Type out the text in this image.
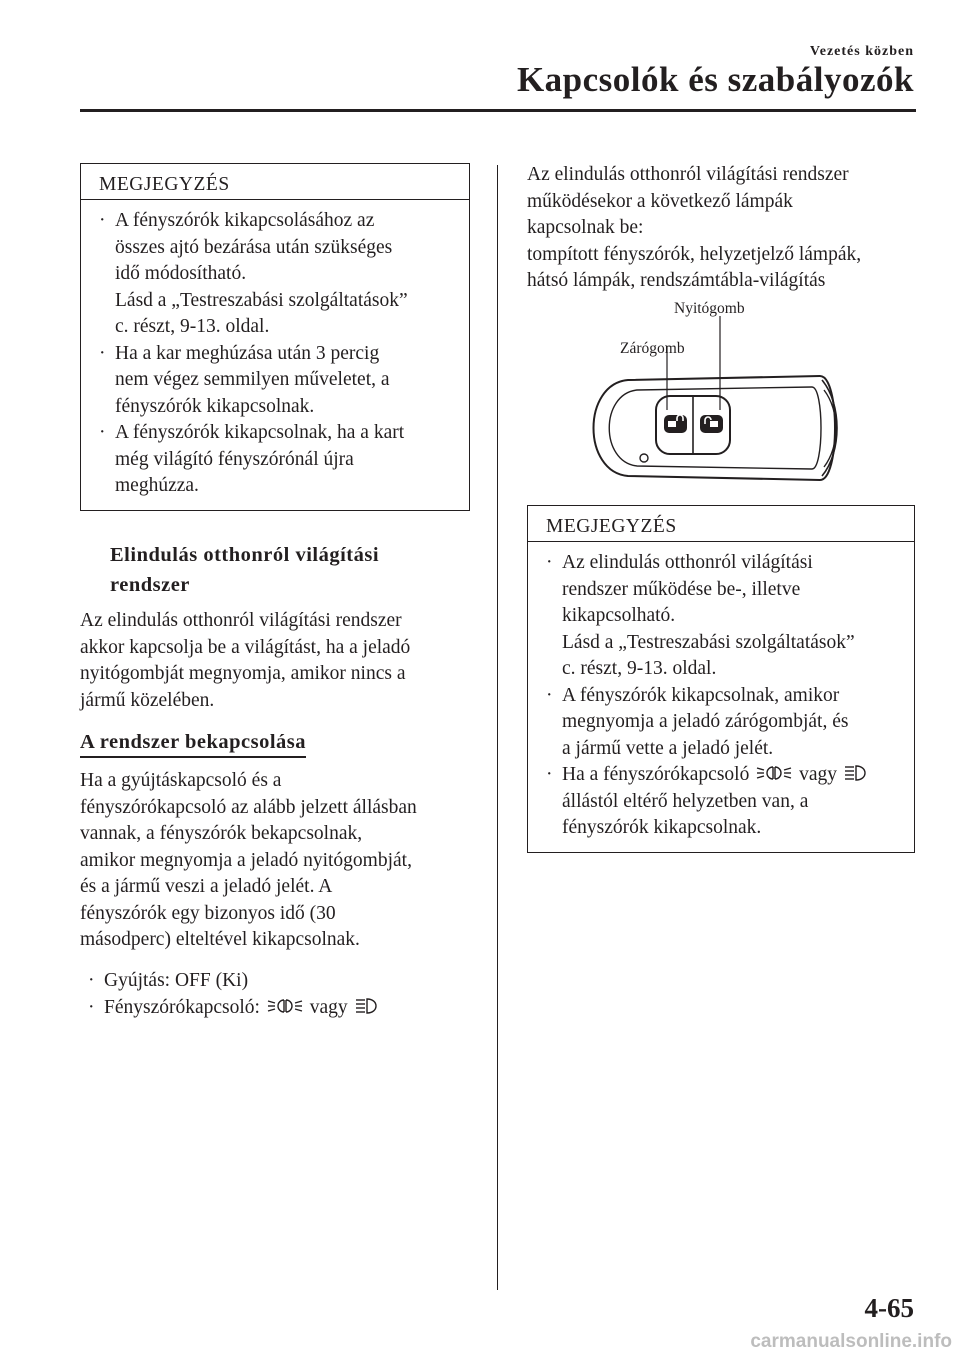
Vezetés közben
Kapcsolók és szabályozók
MEGJEGYZÉS
· A fényszórók kikapcsolásához az
összes ajtó bezárása után szükséges
idő módosítható.
Lásd a „Testreszabási szolgáltatások”
c. részt, 9-13. oldal.
· Ha a kar meghúzása után 3 percig
nem végez semmilyen műveletet, a
fényszórók kikapcsolnak.
· A fényszórók kikapcsolnak, ha a kart
még világító fényszórónál újra
meghúzza.
Elindulás otthonról világítási
rendszer

Az elindulás otthonról világítási rendszer
akkor kapcsolja be a világítást, ha a jeladó
nyitógombját megnyomja, amikor nincs a
jármű közelében.

A rendszer bekapcsolása

Ha a gyújtáskapcsoló és a
fényszórókapcsoló az alább jelzett állásban
vannak, a fényszórók bekapcsolnak,
amikor megnyomja a jeladó nyitógombját,
és a jármű veszi a jeladó jelét. A
fényszórók egy bizonyos idő (30
másodperc) elteltével kikapcsolnak.

· Gyújtás: OFF (Ki)
· Fényszórókapcsoló:	vagy

Az elindulás otthonról világítási rendszer
működésekor a következő lámpák
kapcsolnak be:
tompított fényszórók, helyzetjelző lámpák,
hátsó lámpák, rendszámtábla-világítás

Nyitógomb
Zárógomb
MEGJEGYZÉS
· Az elindulás otthonról világítási
rendszer működése be-, illetve
kikapcsolható.
Lásd a „Testreszabási szolgáltatások”
c. részt, 9-13. oldal.
· A fényszórók kikapcsolnak, amikor
megnyomja a jeladó zárógombját, és
a jármű vette a jeladó jelét.
· Ha a fényszórókapcsoló	vagy
állástól eltérő helyzetben van, a
fényszórók kikapcsolnak.
4-65
carmanualsonline.info
